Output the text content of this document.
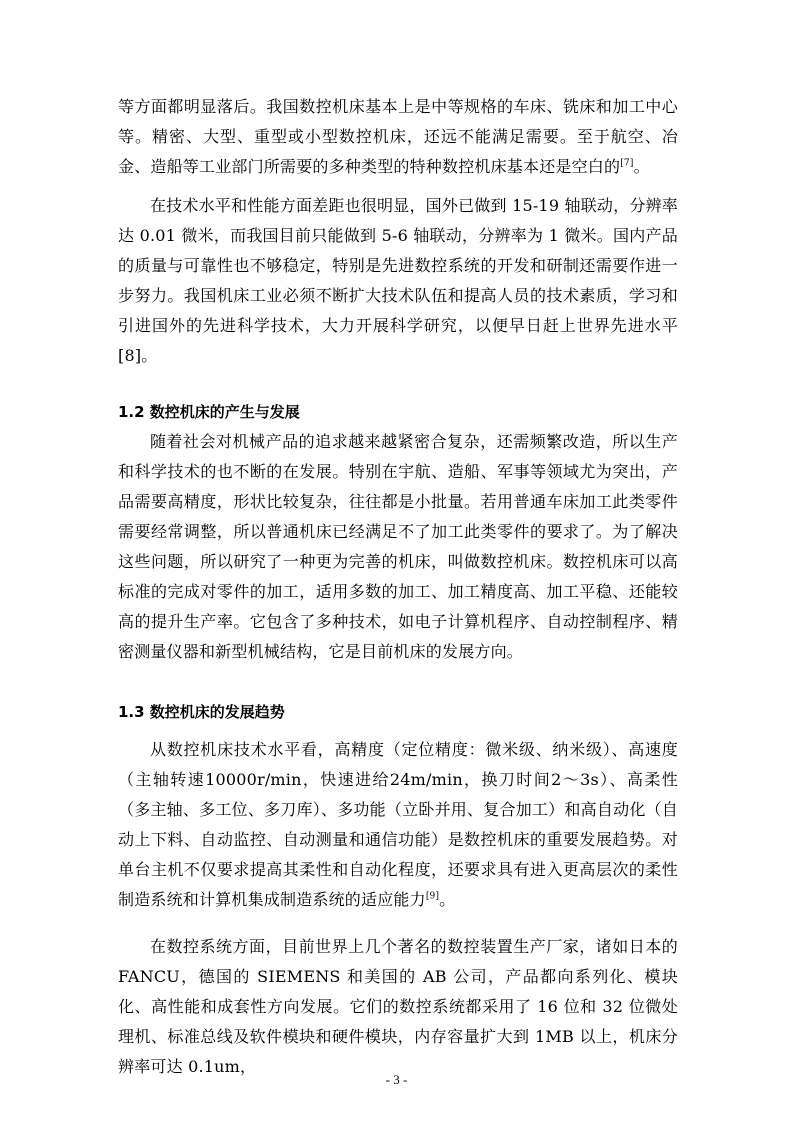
等方面都明显落后。我国数控机床基本上是中等规格的车床、铣床和加工中心等。精密、大型、重型或小型数控机床，还远不能满足需要。至于航空、冶金、造船等工业部门所需要的多种类型的特种数控机床基本还是空白的[7]。

在技术水平和性能方面差距也很明显，国外已做到 15-19 轴联动，分辨率达 0.01 微米，而我国目前只能做到 5-6 轴联动，分辨率为 1 微米。国内产品的质量与可靠性也不够稳定，特别是先进数控系统的开发和研制还需要作进一步努力。我国机床工业必须不断扩大技术队伍和提高人员的技术素质，学习和引进国外的先进科学技术，大力开展科学研究，以便早日赶上世界先进水平[8]。

1.2 数控机床的产生与发展

随着社会对机械产品的追求越来越紧密合复杂，还需频繁改造，所以生产和科学技术的也不断的在发展。特别在宇航、造船、军事等领域尤为突出，产品需要高精度，形状比较复杂，往往都是小批量。若用普通车床加工此类零件需要经常调整，所以普通机床已经满足不了加工此类零件的要求了。为了解决这些问题，所以研究了一种更为完善的机床，叫做数控机床。数控机床可以高标准的完成对零件的加工，适用多数的加工、加工精度高、加工平稳、还能较高的提升生产率。它包含了多种技术，如电子计算机程序、自动控制程序、精密测量仪器和新型机械结构，它是目前机床的发展方向。

1.3 数控机床的发展趋势

从数控机床技术水平看，高精度（定位精度：微米级、纳米级）、高速度（主轴转速10000r/min，快速进给24m/min，换刀时间2～3s）、高柔性（多主轴、多工位、多刀库）、多功能（立卧并用、复合加工）和高自动化（自动上下料、自动监控、自动测量和通信功能）是数控机床的重要发展趋势。对单台主机不仅要求提高其柔性和自动化程度，还要求具有进入更高层次的柔性制造系统和计算机集成制造系统的适应能力[9]。

在数控系统方面，目前世界上几个著名的数控装置生产厂家，诸如日本的FANCU，德国的 SIEMENS 和美国的 AB 公司，产品都向系列化、模块化、高性能和成套性方向发展。它们的数控系统都采用了 16 位和 32 位微处理机、标准总线及软件模块和硬件模块，内存容量扩大到 1MB 以上，机床分辨率可达 0.1um，

- 3 -
